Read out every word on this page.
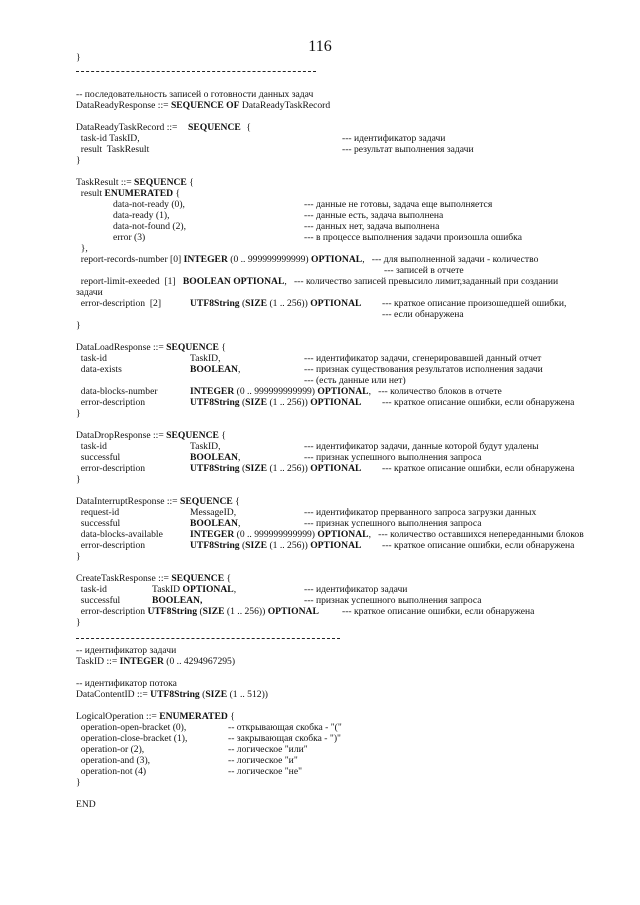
116
}
-- последовательность записей о готовности данных задач
DataReadyResponse ::= SEQUENCE OF DataReadyTaskRecord
DataReadyTaskRecord ::= SEQUENCE {
task-id TaskID,	--- идентификатор задачи
result  TaskResult	--- результат выполнения задачи
}
TaskResult ::= SEQUENCE {
result ENUMERATED {
data-not-ready (0),	--- данные не готовы, задача еще выполняется
data-ready (1),	--- данные есть, задача выполнена
data-not-found (2),	--- данных нет, задача выполнена
error (3)	--- в процессе выполнения задачи произошла ошибка
},
report-records-number [0] INTEGER (0 .. 999999999999) OPTIONAL,   --- для выполненной задачи - количество
--- записей в отчете
report-limit-exeeded  [1]   BOOLEAN OPTIONAL,   --- количество записей превысило лимит,заданный при создании
задачи
error-description  [2]	UTF8String (SIZE (1 .. 256)) OPTIONAL --- краткое описание произошедшей ошибки,
--- если обнаружена
}
DataLoadResponse ::= SEQUENCE {
task-id	TaskID,	--- идентификатор задачи, сгенерировавшей данный отчет
data-exists	BOOLEAN,	--- признак существования результатов исполнения задачи
--- (есть данные или нет)
data-blocks-number	INTEGER (0 .. 999999999999) OPTIONAL,   --- количество блоков в отчете
error-description	UTF8String (SIZE (1 .. 256)) OPTIONAL --- краткое описание ошибки, если обнаружена
}
DataDropResponse ::= SEQUENCE {
task-id	TaskID,	--- идентификатор задачи, данные которой будут удалены
successful	BOOLEAN,	--- признак успешного выполнения запроса
error-description	UTF8String (SIZE (1 .. 256)) OPTIONAL --- краткое описание ошибки, если обнаружена
}
DataInterruptResponse ::= SEQUENCE {
request-id	MessageID,	--- идентификатор прерванного запроса загрузки данных
successful	BOOLEAN,	--- признак успешного выполнения запроса
data-blocks-available	INTEGER (0 .. 999999999999) OPTIONAL,   --- количество оставшихся непереданными блоков
error-description	UTF8String (SIZE (1 .. 256)) OPTIONAL --- краткое описание ошибки, если обнаружена
}
CreateTaskResponse ::= SEQUENCE {
task-id	TaskID OPTIONAL,	--- идентификатор задачи
successful	BOOLEAN,	--- признак успешного выполнения запроса
error-description UTF8String (SIZE (1 .. 256)) OPTIONAL --- краткое описание ошибки, если обнаружена
}
-- идентификатор задачи
TaskID ::= INTEGER (0 .. 4294967295)
-- идентификатор потока
DataContentID ::= UTF8String (SIZE (1 .. 512))
LogicalOperation ::= ENUMERATED {
operation-open-bracket (0),	-- открывающая скобка - "("
operation-close-bracket (1),	-- закрывающая скобка - ")"
operation-or (2),	-- логическое "или"
operation-and (3),	-- логическое "и"
operation-not (4)	-- логическое "не"
}
END
